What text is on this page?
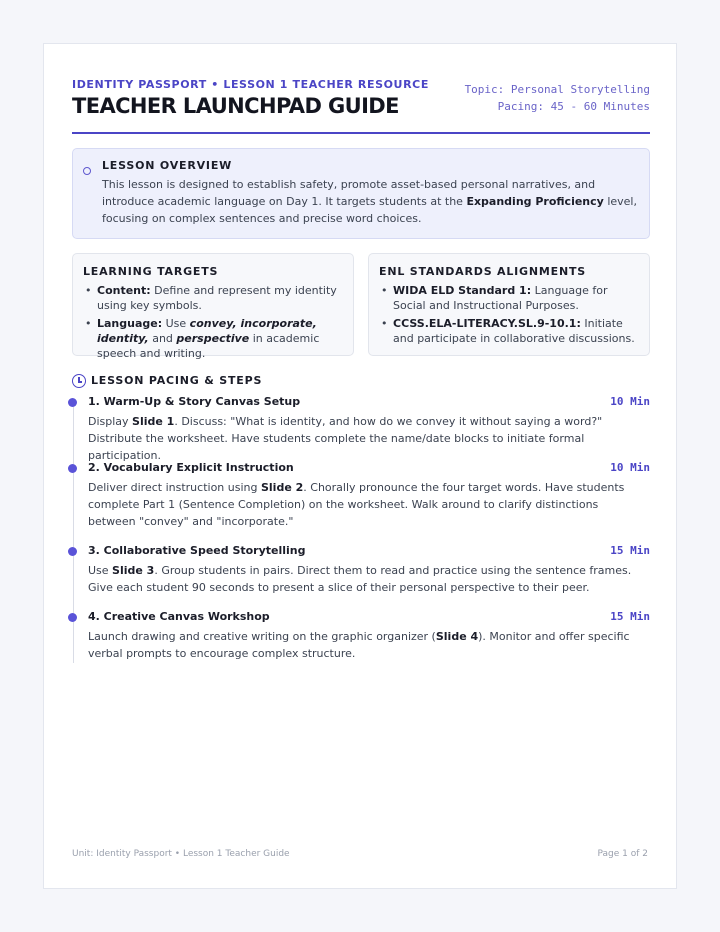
IDENTITY PASSPORT • LESSON 1 TEACHER RESOURCE
TEACHER LAUNCHPAD GUIDE
Topic: Personal Storytelling
Pacing: 45 - 60 Minutes
LESSON OVERVIEW
This lesson is designed to establish safety, promote asset-based personal narratives, and introduce academic language on Day 1. It targets students at the Expanding Proficiency level, focusing on complex sentences and precise word choices.
LEARNING TARGETS
• Content: Define and represent my identity using key symbols.
• Language: Use convey, incorporate, identity, and perspective in academic speech and writing.
ENL STANDARDS ALIGNMENTS
• WIDA ELD Standard 1: Language for Social and Instructional Purposes.
• CCSS.ELA-LITERACY.SL.9-10.1: Initiate and participate in collaborative discussions.
LESSON PACING & STEPS
1. Warm-Up & Story Canvas Setup	10 Min
Display Slide 1. Discuss: "What is identity, and how do we convey it without saying a word?" Distribute the worksheet. Have students complete the name/date blocks to initiate formal participation.
2. Vocabulary Explicit Instruction	10 Min
Deliver direct instruction using Slide 2. Chorally pronounce the four target words. Have students complete Part 1 (Sentence Completion) on the worksheet. Walk around to clarify distinctions between "convey" and "incorporate."
3. Collaborative Speed Storytelling	15 Min
Use Slide 3. Group students in pairs. Direct them to read and practice using the sentence frames. Give each student 90 seconds to present a slice of their personal perspective to their peer.
4. Creative Canvas Workshop	15 Min
Launch drawing and creative writing on the graphic organizer (Slide 4). Monitor and offer specific verbal prompts to encourage complex structure.
Unit: Identity Passport • Lesson 1 Teacher Guide	Page 1 of 2
